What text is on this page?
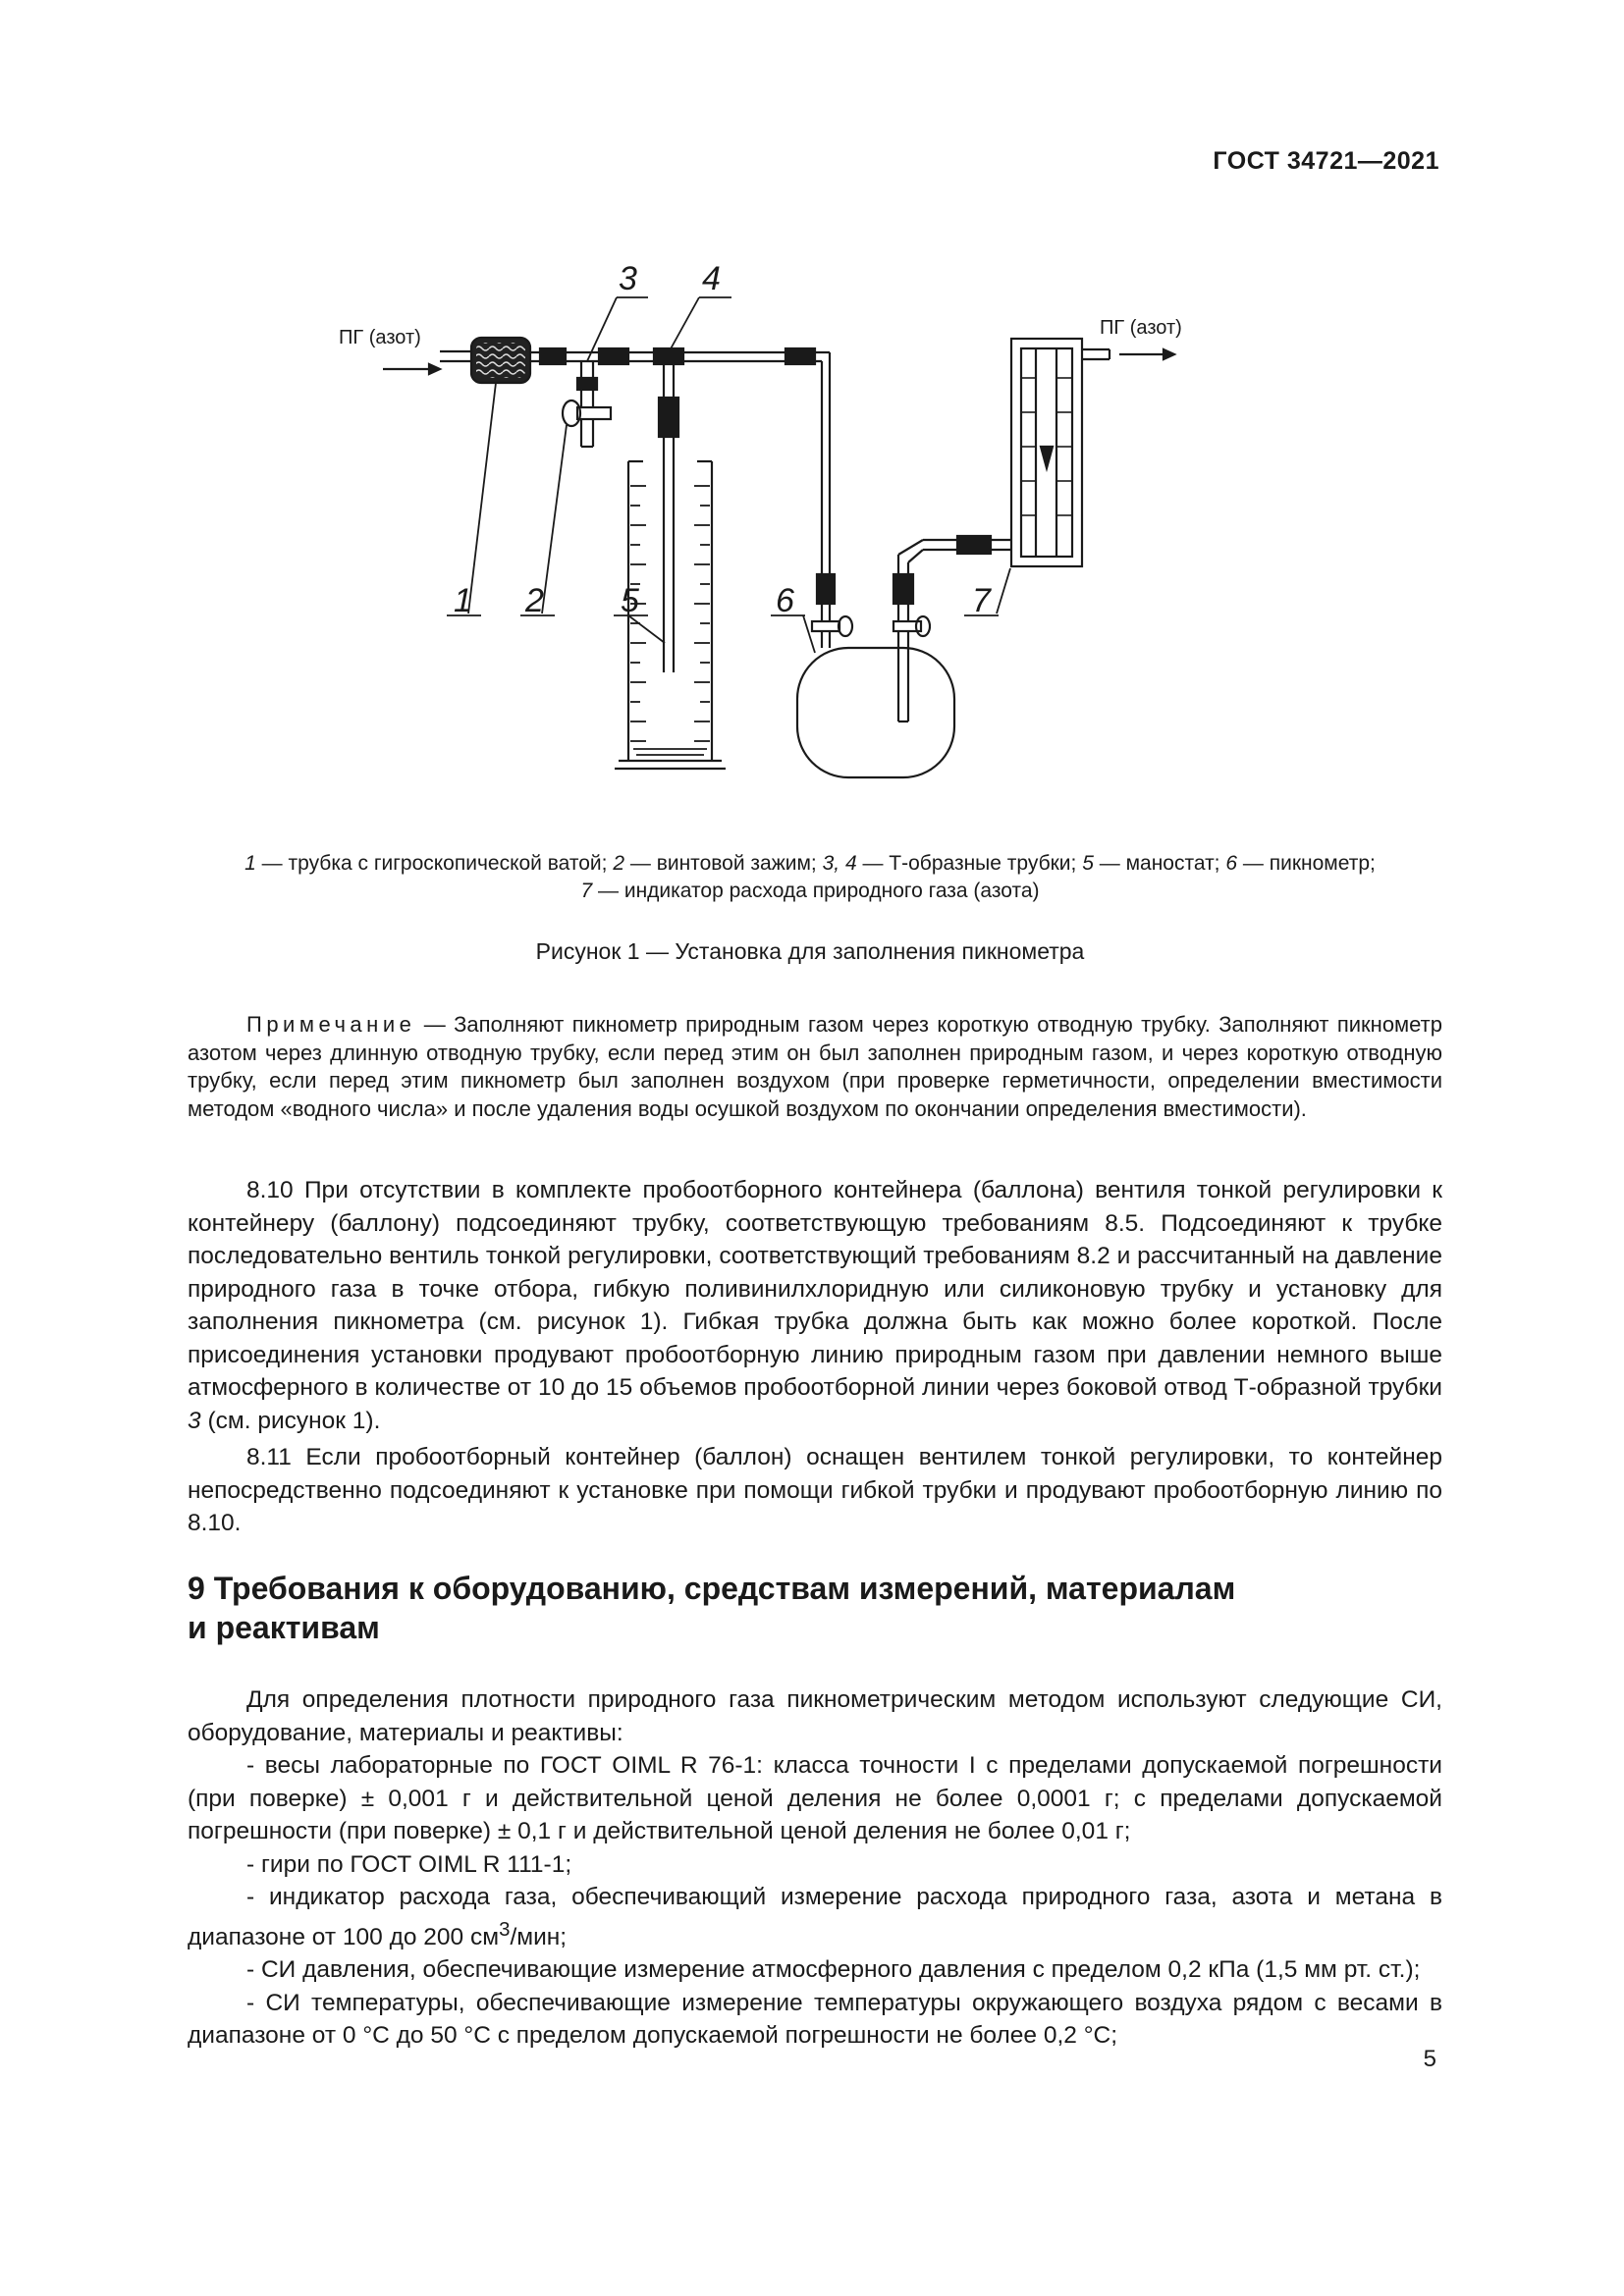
ГОСТ 34721—2021
3 4
1 2 5	6	7
ПГ (азот)	ПГ (азот)
1 — трубка с гигроскопической ватой; 2 — винтовой зажим; 3, 4 — Т-образные трубки; 5 — маностат; 6 — пикнометр;
7 — индикатор расхода природного газа (азота)
Рисунок 1 — Установка для заполнения пикнометра

Примечание — Заполняют пикнометр природным газом через короткую отводную трубку. Заполняют пикнометр азотом через длинную отводную трубку, если перед этим он был заполнен природным газом, и через короткую отводную трубку, если перед этим пикнометр был заполнен воздухом (при проверке герметичности, определении вместимости методом «водного числа» и после удаления воды осушкой воздухом по окончании определения вместимости).

8.10 При отсутствии в комплекте пробоотборного контейнера (баллона) вентиля тонкой регулировки к контейнеру (баллону) подсоединяют трубку, соответствующую требованиям 8.5. Подсоединяют к трубке последовательно вентиль тонкой регулировки, соответствующий требованиям 8.2 и рассчитанный на давление природного газа в точке отбора, гибкую поливинилхлоридную или силиконовую трубку и установку для заполнения пикнометра (см. рисунок 1). Гибкая трубка должна быть как можно более короткой. После присоединения установки продувают пробоотборную линию природным газом при давлении немного выше атмосферного в количестве от 10 до 15 объемов пробоотборной линии через боковой отвод Т-образной трубки 3 (см. рисунок 1).

8.11 Если пробоотборный контейнер (баллон) оснащен вентилем тонкой регулировки, то контейнер непосредственно подсоединяют к установке при помощи гибкой трубки и продувают пробоотборную линию по 8.10.

9 Требования к оборудованию, средствам измерений, материалам
и реактивам

Для определения плотности природного газа пикнометрическим методом используют следующие СИ, оборудование, материалы и реактивы:

- весы лабораторные по ГОСТ OIML R 76-1: класса точности I с пределами допускаемой погрешности (при поверке) ± 0,001 г и действительной ценой деления не более 0,0001 г; с пределами допускаемой погрешности (при поверке) ± 0,1 г и действительной ценой деления не более 0,01 г;

- гири по ГОСТ OIML R 111-1;

- индикатор расхода газа, обеспечивающий измерение расхода природного газа, азота и метана в диапазоне от 100 до 200 $см^3$/мин;

- СИ давления, обеспечивающие измерение атмосферного давления с пределом 0,2 кПа (1,5 мм рт. ст.);

- СИ температуры, обеспечивающие измерение температуры окружающего воздуха рядом с весами в диапазоне от 0 °С до 50 °С с пределом допускаемой погрешности не более 0,2 °С;

5
